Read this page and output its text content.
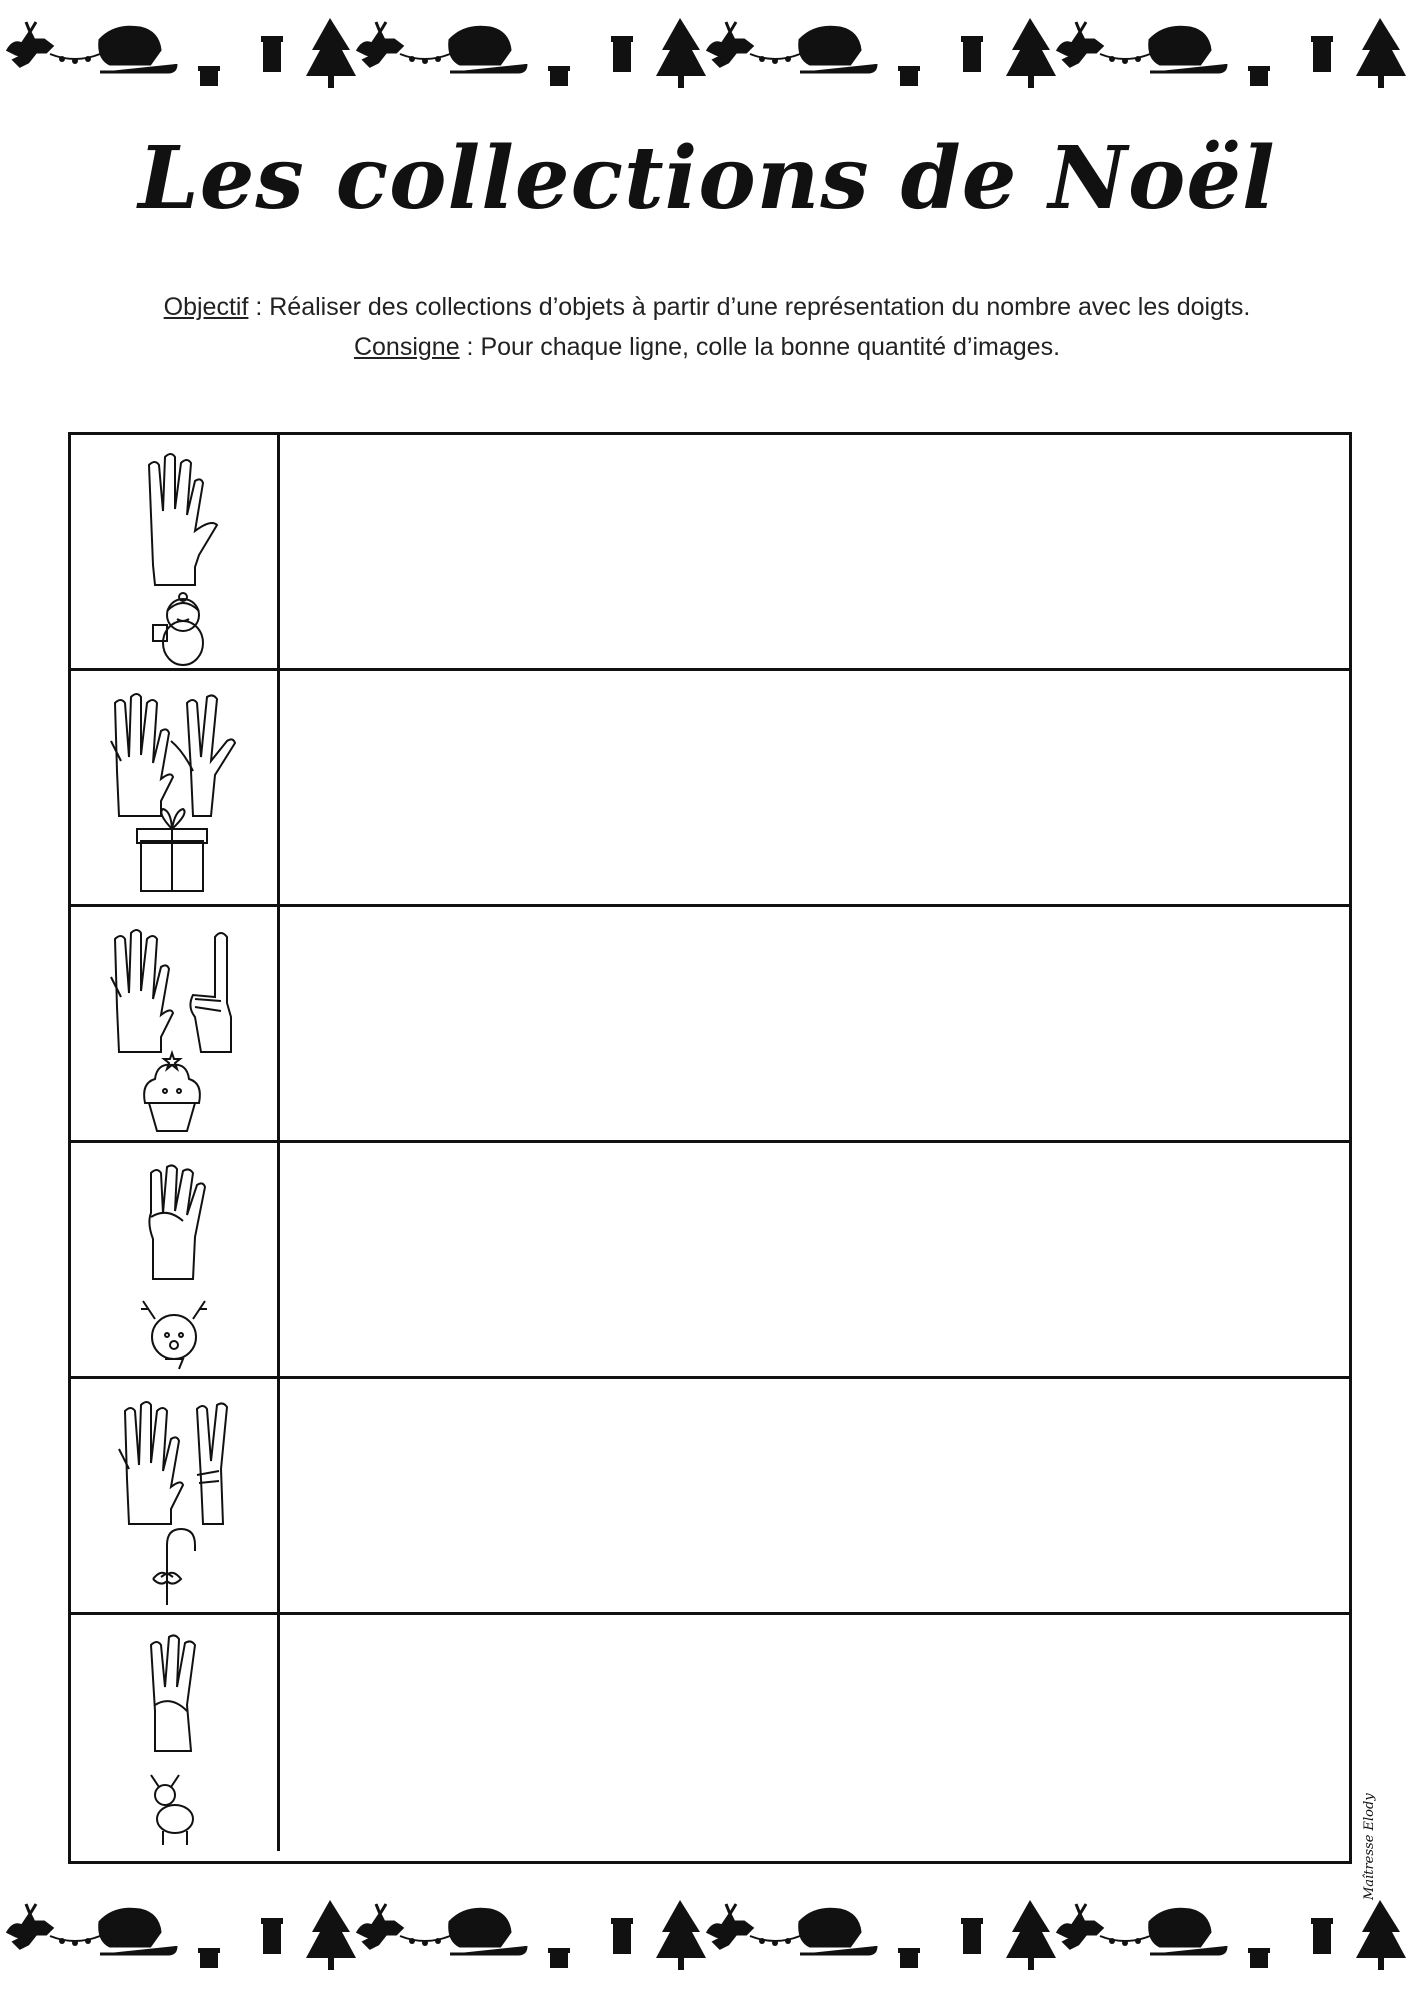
Les collections de Noël
Objectif : Réaliser des collections d’objets à partir d’une représentation du nombre avec les doigts.
Consigne : Pour chaque ligne, colle la bonne quantité d’images.
Maîtresse Elody
